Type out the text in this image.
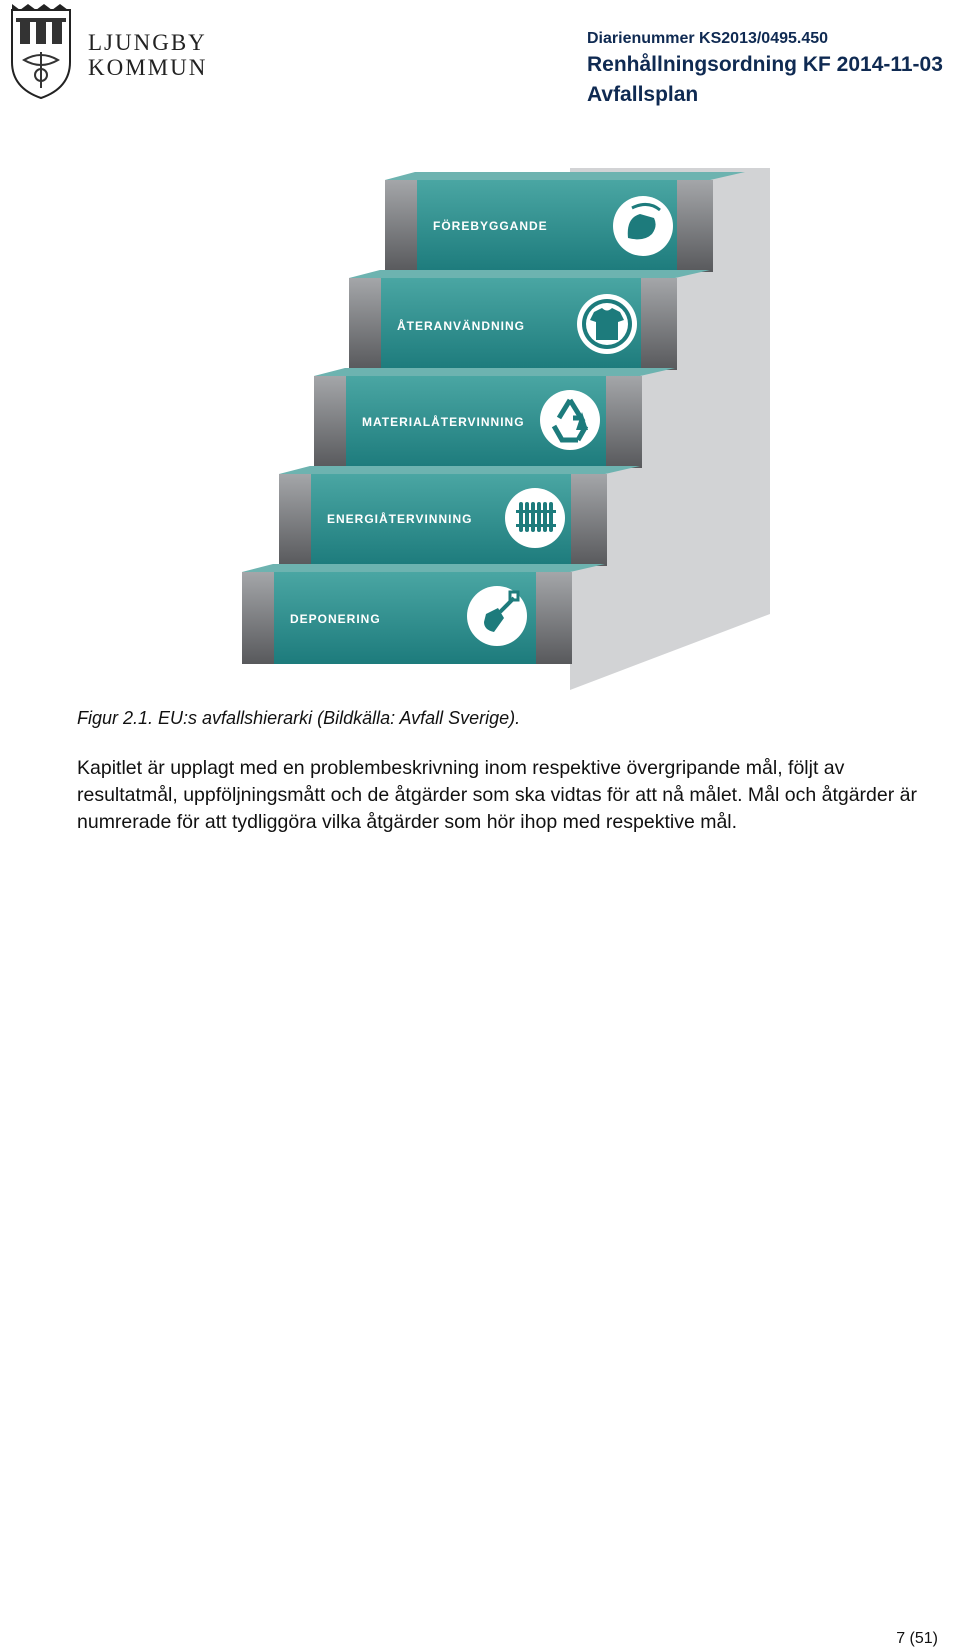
LJUNGBY
KOMMUN
Diarienummer KS2013/0495.450
Renhållningsordning KF 2014-11-03
Avfallsplan
FÖREBYGGANDE
ÅTERANVÄNDNING
MATERIALÅTERVINNING
ENERGIÅTERVINNING
DEPONERING
Figur 2.1. EU:s avfallshierarki (Bildkälla: Avfall Sverige).
Kapitlet är upplagt med en problembeskrivning inom respektive övergripande mål, följt av resultatmål, uppföljningsmått och de åtgärder som ska vidtas för att nå målet. Mål och åtgärder är numrerade för att tydliggöra vilka åtgärder som hör ihop med respektive mål.
7 (51)
